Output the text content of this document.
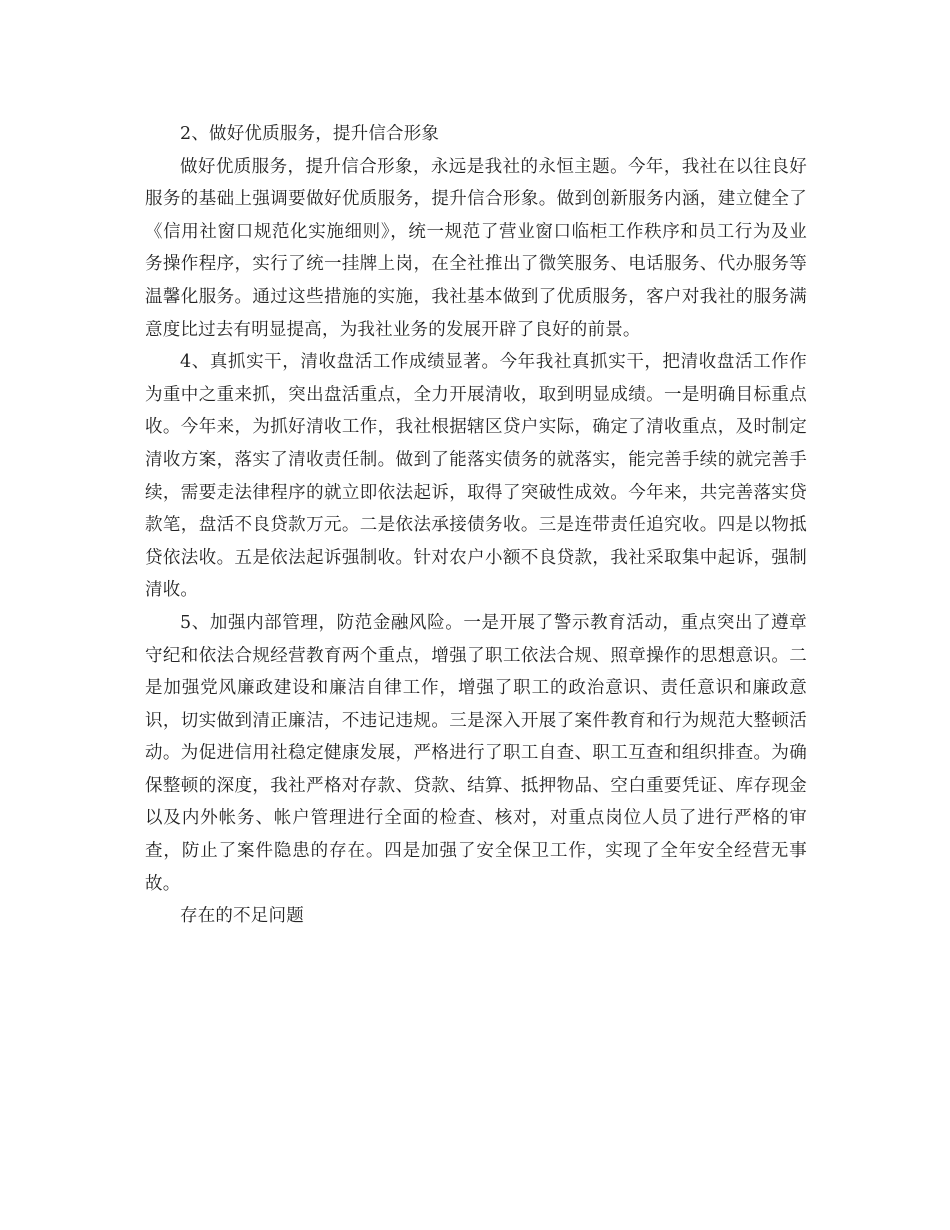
2、做好优质服务，提升信合形象

做好优质服务，提升信合形象，永远是我社的永恒主题。今年，我社在以往良好服务的基础上强调要做好优质服务，提升信合形象。做到创新服务内涵，建立健全了《信用社窗口规范化实施细则》，统一规范了营业窗口临柜工作秩序和员工行为及业务操作程序，实行了统一挂牌上岗，在全社推出了微笑服务、电话服务、代办服务等温馨化服务。通过这些措施的实施，我社基本做到了优质服务，客户对我社的服务满意度比过去有明显提高，为我社业务的发展开辟了良好的前景。

4、真抓实干，清收盘活工作成绩显著。今年我社真抓实干，把清收盘活工作作为重中之重来抓，突出盘活重点，全力开展清收，取到明显成绩。一是明确目标重点收。今年来，为抓好清收工作，我社根据辖区贷户实际，确定了清收重点，及时制定清收方案，落实了清收责任制。做到了能落实债务的就落实，能完善手续的就完善手续，需要走法律程序的就立即依法起诉，取得了突破性成效。今年来，共完善落实贷款笔，盘活不良贷款万元。二是依法承接债务收。三是连带责任追究收。四是以物抵贷依法收。五是依法起诉强制收。针对农户小额不良贷款，我社采取集中起诉，强制清收。

5、加强内部管理，防范金融风险。一是开展了警示教育活动，重点突出了遵章守纪和依法合规经营教育两个重点，增强了职工依法合规、照章操作的思想意识。二是加强党风廉政建设和廉洁自律工作，增强了职工的政治意识、责任意识和廉政意识，切实做到清正廉洁，不违记违规。三是深入开展了案件教育和行为规范大整顿活动。为促进信用社稳定健康发展，严格进行了职工自查、职工互查和组织排查。为确保整顿的深度，我社严格对存款、贷款、结算、抵押物品、空白重要凭证、库存现金以及内外帐务、帐户管理进行全面的检查、核对，对重点岗位人员了进行严格的审查，防止了案件隐患的存在。四是加强了安全保卫工作，实现了全年安全经营无事故。

存在的不足问题
